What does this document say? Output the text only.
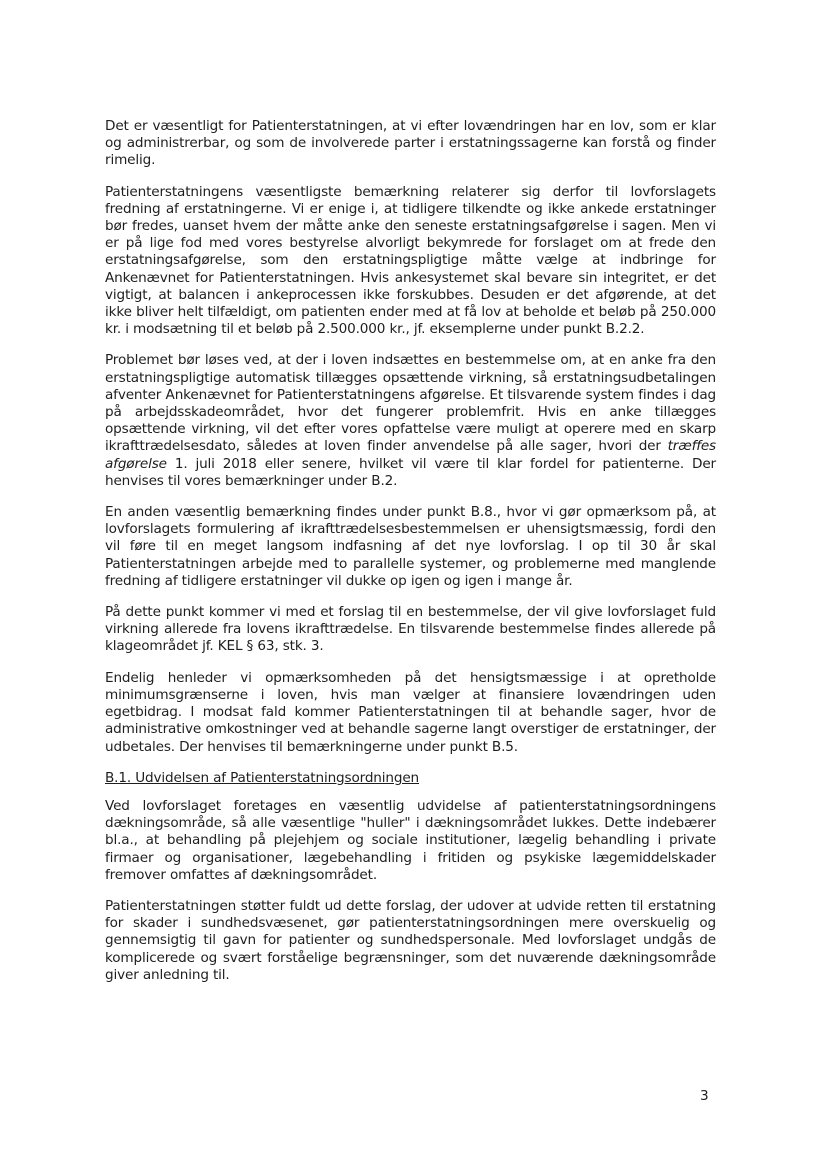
Det er væsentligt for Patienterstatningen, at vi efter lovændringen har en lov, som er klar og administrerbar, og som de involverede parter i erstatningssagerne kan forstå og finder rimelig.

Patienterstatningens væsentligste bemærkning relaterer sig derfor til lovforslagets fredning af erstatningerne. Vi er enige i, at tidligere tilkendte og ikke ankede erstatninger bør fredes, uanset hvem der måtte anke den seneste erstatningsafgørelse i sagen. Men vi er på lige fod med vores bestyrelse alvorligt bekymrede for forslaget om at frede den erstatningsafgørelse, som den erstatningspligtige måtte vælge at indbringe for Ankenævnet for Patienterstatningen. Hvis ankesystemet skal bevare sin integritet, er det vigtigt, at balancen i ankeprocessen ikke forskubbes. Desuden er det afgørende, at det ikke bliver helt tilfældigt, om patienten ender med at få lov at beholde et beløb på 250.000 kr. i modsætning til et beløb på 2.500.000 kr., jf. eksemplerne under punkt B.2.2.

Problemet bør løses ved, at der i loven indsættes en bestemmelse om, at en anke fra den erstatningspligtige automatisk tillægges opsættende virkning, så erstatningsudbetalingen afventer Ankenævnet for Patienterstatningens afgørelse. Et tilsvarende system findes i dag på arbejdsskadeområdet, hvor det fungerer problemfrit. Hvis en anke tillægges opsættende virkning, vil det efter vores opfattelse være muligt at operere med en skarp ikrafttrædelsesdato, således at loven finder anvendelse på alle sager, hvori der træffes afgørelse 1. juli 2018 eller senere, hvilket vil være til klar fordel for patienterne. Der henvises til vores bemærkninger under B.2.

En anden væsentlig bemærkning findes under punkt B.8., hvor vi gør opmærksom på, at lovforslagets formulering af ikrafttrædelsesbestemmelsen er uhensigtsmæssig, fordi den vil føre til en meget langsom indfasning af det nye lovforslag. I op til 30 år skal Patienterstatningen arbejde med to parallelle systemer, og problemerne med manglende fredning af tidligere erstatninger vil dukke op igen og igen i mange år.

På dette punkt kommer vi med et forslag til en bestemmelse, der vil give lovforslaget fuld virkning allerede fra lovens ikrafttrædelse. En tilsvarende bestemmelse findes allerede på klageområdet jf. KEL § 63, stk. 3.

Endelig henleder vi opmærksomheden på det hensigtsmæssige i at opretholde minimumsgrænserne i loven, hvis man vælger at finansiere lovændringen uden egetbidrag. I modsat fald kommer Patienterstatningen til at behandle sager, hvor de administrative omkostninger ved at behandle sagerne langt overstiger de erstatninger, der udbetales. Der henvises til bemærkningerne under punkt B.5.

B.1. Udvidelsen af Patienterstatningsordningen

Ved lovforslaget foretages en væsentlig udvidelse af patienterstatningsordningens dækningsområde, så alle væsentlige "huller" i dækningsområdet lukkes. Dette indebærer bl.a., at behandling på plejehjem og sociale institutioner, lægelig behandling i private firmaer og organisationer, lægebehandling i fritiden og psykiske lægemiddelskader fremover omfattes af dækningsområdet.

Patienterstatningen støtter fuldt ud dette forslag, der udover at udvide retten til erstatning for skader i sundhedsvæsenet, gør patienterstatningsordningen mere overskuelig og gennemsigtig til gavn for patienter og sundhedspersonale. Med lovforslaget undgås de komplicerede og svært forståelige begrænsninger, som det nuværende dækningsområde giver anledning til.

3
